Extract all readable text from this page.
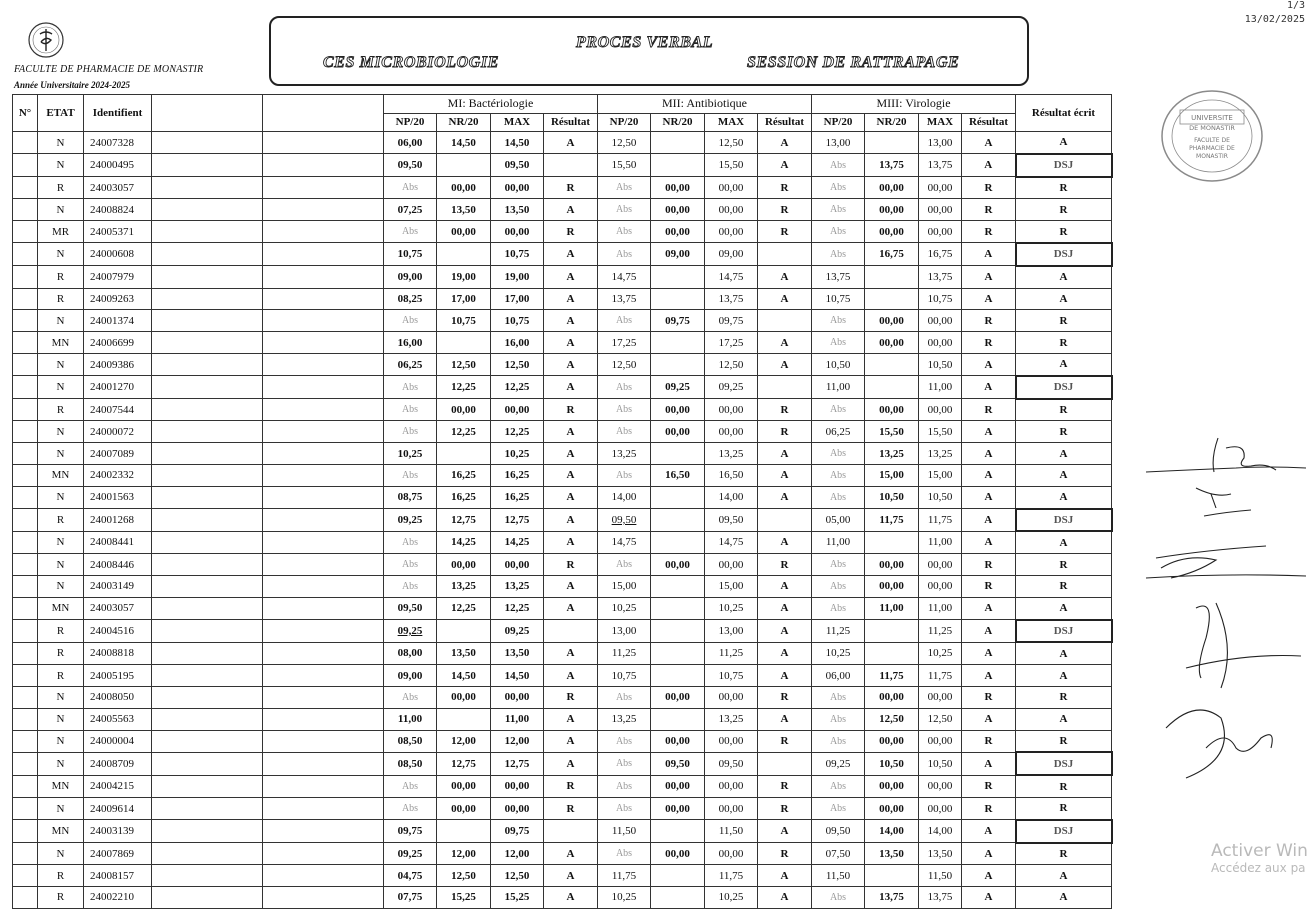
1/3
13/02/2025
FACULTE DE PHARMACIE DE MONASTIR
Année Universitaire 2024-2025
PROCES VERBAL
CES MICROBIOLOGIE	SESSION DE RATTRAPAGE
UNIVERSITE
DE MONASTIR
FACULTE DE
PHARMACIE DE
MONASTIR
Activer Win
Accédez aux pa
N°	ETAT	Identifient			MI: Bactériologie				MII: Antibiotique				MIII: Virologie				Résultat écrit
					NP/20	NR/20	MAX	Résultat	NP/20	NR/20	MAX	Résultat	NP/20	NR/20	MAX	Résultat	
	N	24007328			06,00	14,50	14,50	A	12,50		12,50	A	13,00		13,00	A	A
	N	24000495			09,50		09,50		15,50		15,50	A	Abs	13,75	13,75	A	DSJ
	R	24003057			Abs	00,00	00,00	R	Abs	00,00	00,00	R	Abs	00,00	00,00	R	R
	N	24008824			07,25	13,50	13,50	A	Abs	00,00	00,00	R	Abs	00,00	00,00	R	R
	MR	24005371			Abs	00,00	00,00	R	Abs	00,00	00,00	R	Abs	00,00	00,00	R	R
	N	24000608			10,75		10,75	A	Abs	09,00	09,00		Abs	16,75	16,75	A	DSJ
	R	24007979			09,00	19,00	19,00	A	14,75		14,75	A	13,75		13,75	A	A
	R	24009263			08,25	17,00	17,00	A	13,75		13,75	A	10,75		10,75	A	A
	N	24001374			Abs	10,75	10,75	A	Abs	09,75	09,75		Abs	00,00	00,00	R	R
	MN	24006699			16,00		16,00	A	17,25		17,25	A	Abs	00,00	00,00	R	R
	N	24009386			06,25	12,50	12,50	A	12,50		12,50	A	10,50		10,50	A	A
	N	24001270			Abs	12,25	12,25	A	Abs	09,25	09,25		11,00		11,00	A	DSJ
	R	24007544			Abs	00,00	00,00	R	Abs	00,00	00,00	R	Abs	00,00	00,00	R	R
	N	24000072			Abs	12,25	12,25	A	Abs	00,00	00,00	R	06,25	15,50	15,50	A	R
	N	24007089			10,25		10,25	A	13,25		13,25	A	Abs	13,25	13,25	A	A
	MN	24002332			Abs	16,25	16,25	A	Abs	16,50	16,50	A	Abs	15,00	15,00	A	A
	N	24001563			08,75	16,25	16,25	A	14,00		14,00	A	Abs	10,50	10,50	A	A
	R	24001268			09,25	12,75	12,75	A	09,50		09,50		05,00	11,75	11,75	A	DSJ
	N	24008441			Abs	14,25	14,25	A	14,75		14,75	A	11,00		11,00	A	A
	N	24008446			Abs	00,00	00,00	R	Abs	00,00	00,00	R	Abs	00,00	00,00	R	R
	N	24003149			Abs	13,25	13,25	A	15,00		15,00	A	Abs	00,00	00,00	R	R
	MN	24003057			09,50	12,25	12,25	A	10,25		10,25	A	Abs	11,00	11,00	A	A
	R	24004516			09,25		09,25		13,00		13,00	A	11,25		11,25	A	DSJ
	R	24008818			08,00	13,50	13,50	A	11,25		11,25	A	10,25		10,25	A	A
	R	24005195			09,00	14,50	14,50	A	10,75		10,75	A	06,00	11,75	11,75	A	A
	N	24008050			Abs	00,00	00,00	R	Abs	00,00	00,00	R	Abs	00,00	00,00	R	R
	N	24005563			11,00		11,00	A	13,25		13,25	A	Abs	12,50	12,50	A	A
	N	24000004			08,50	12,00	12,00	A	Abs	00,00	00,00	R	Abs	00,00	00,00	R	R
	N	24008709			08,50	12,75	12,75	A	Abs	09,50	09,50		09,25	10,50	10,50	A	DSJ
	MN	24004215			Abs	00,00	00,00	R	Abs	00,00	00,00	R	Abs	00,00	00,00	R	R
	N	24009614			Abs	00,00	00,00	R	Abs	00,00	00,00	R	Abs	00,00	00,00	R	R
	MN	24003139			09,75		09,75		11,50		11,50	A	09,50	14,00	14,00	A	DSJ
	N	24007869			09,25	12,00	12,00	A	Abs	00,00	00,00	R	07,50	13,50	13,50	A	R
	R	24008157			04,75	12,50	12,50	A	11,75		11,75	A	11,50		11,50	A	A
	R	24002210			07,75	15,25	15,25	A	10,25		10,25	A	Abs	13,75	13,75	A	A
